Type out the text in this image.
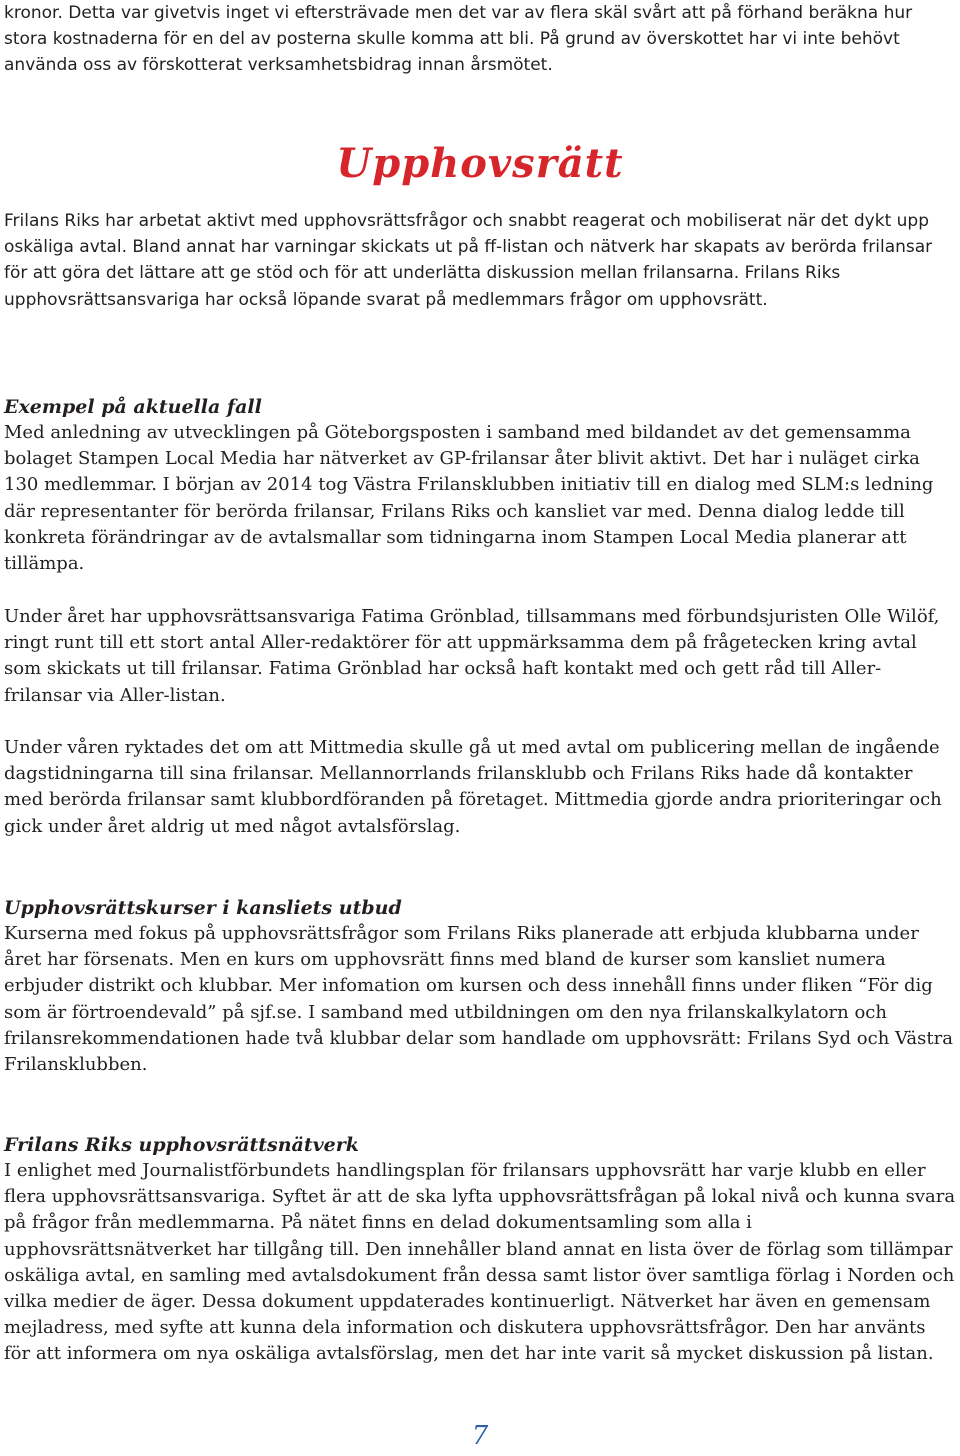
kronor. Detta var givetvis inget vi eftersträvade men det var av flera skäl svårt att på förhand beräkna hur stora kostnaderna för en del av posterna skulle komma att bli. På grund av överskottet har vi inte behövt använda oss av förskotterat verksamhetsbidrag innan årsmötet.

Upphovsrätt

Frilans Riks har arbetat aktivt med upphovsrättsfrågor och snabbt reagerat och mobiliserat när det dykt upp oskäliga avtal. Bland annat har varningar skickats ut på ff-listan och nätverk har skapats av berörda frilansar för att göra det lättare att ge stöd och för att underlätta diskussion mellan frilansarna. Frilans Riks upphovsrättsansvariga har också löpande svarat på medlemmars frågor om upphovsrätt.

Exempel på aktuella fall

Med anledning av utvecklingen på Göteborgsposten i samband med bildandet av det gemensamma bolaget Stampen Local Media har nätverket av GP-frilansar åter blivit aktivt. Det har i nuläget cirka 130 medlemmar. I början av 2014 tog Västra Frilansklubben initiativ till en dialog med SLM:s ledning där representanter för berörda frilansar, Frilans Riks och kansliet var med. Denna dialog ledde till konkreta förändringar av de avtalsmallar som tidningarna inom Stampen Local Media planerar att tillämpa.

Under året har upphovsrättsansvariga Fatima Grönblad, tillsammans med förbundsjuristen Olle Wilöf, ringt runt till ett stort antal Aller-redaktörer för att uppmärksamma dem på frågetecken kring avtal som skickats ut till frilansar. Fatima Grönblad har också haft kontakt med och gett råd till Aller-frilansar via Aller-listan.

Under våren ryktades det om att Mittmedia skulle gå ut med avtal om publicering mellan de ingående dagstidningarna till sina frilansar. Mellannorrlands frilansklubb och Frilans Riks hade då kontakter med berörda frilansar samt klubbordföranden på företaget. Mittmedia gjorde andra prioriteringar och gick under året aldrig ut med något avtalsförslag.

Upphovsrättskurser i kansliets utbud

Kurserna med fokus på upphovsrättsfrågor som Frilans Riks planerade att erbjuda klubbarna under året har försenats. Men en kurs om upphovsrätt finns med bland de kurser som kansliet numera erbjuder distrikt och klubbar. Mer infomation om kursen och dess innehåll finns under fliken “För dig som är förtroendevald” på sjf.se. I samband med utbildningen om den nya frilanskalkylatorn och frilansrekommendationen hade två klubbar delar som handlade om upphovsrätt: Frilans Syd och Västra Frilansklubben.

Frilans Riks upphovsrättsnätverk

I enlighet med Journalistförbundets handlingsplan för frilansars upphovsrätt har varje klubb en eller flera upphovsrättsansvariga. Syftet är att de ska lyfta upphovsrättsfrågan på lokal nivå och kunna svara på frågor från medlemmarna. På nätet finns en delad dokumentsamling som alla i upphovsrättsnätverket har tillgång till. Den innehåller bland annat en lista över de förlag som tillämpar oskäliga avtal, en samling med avtalsdokument från dessa samt listor över samtliga förlag i Norden och vilka medier de äger. Dessa dokument uppdaterades kontinuerligt. Nätverket har även en gemensam mejladress, med syfte att kunna dela information och diskutera upphovsrättsfrågor. Den har använts för att informera om nya oskäliga avtalsförslag, men det har inte varit så mycket diskussion på listan.

7
